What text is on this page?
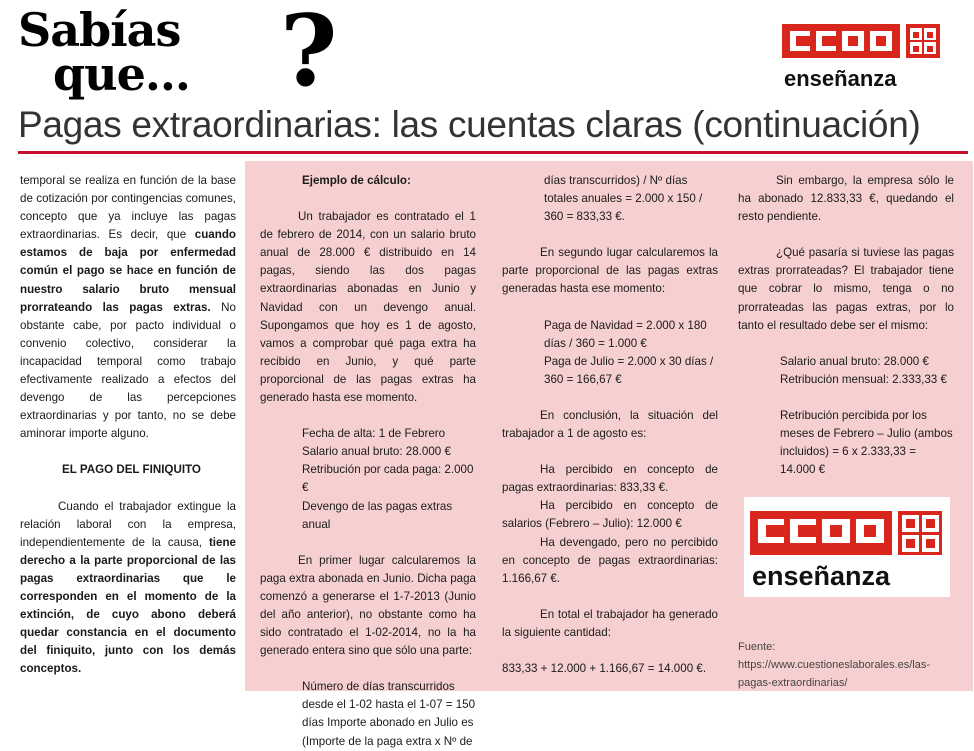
Sabías
que... ?	enseñanza
Pagas extraordinarias: las cuentas claras (continuación)

temporal se realiza en función de la base de cotización por contingencias comunes, concepto que ya incluye las pagas extraordinarias. Es decir, que cuando estamos de baja por enfermedad común el pago se hace en función de nuestro salario bruto mensual prorrateando las pagas extras. No obstante cabe, por pacto individual o convenio colectivo, considerar la incapacidad temporal como trabajo efectivamente realizado a efectos del devengo de las percepciones extraordinarias y por tanto, no se debe aminorar importe alguno.

EL PAGO DEL FINIQUITO

Cuando el trabajador extingue la relación laboral con la empresa, independientemente de la causa, tiene derecho a la parte proporcional de las pagas extraordinarias que le corresponden en el momento de la extinción, de cuyo abono deberá quedar constancia en el documento del finiquito, junto con los demás conceptos.

Ejemplo de cálculo:

Un trabajador es contratado el 1 de febrero de 2014, con un salario bruto anual de 28.000 € distribuido en 14 pagas, siendo las dos pagas extraordinarias abonadas en Junio y Navidad con un devengo anual. Supongamos que hoy es 1 de agosto, vamos a comprobar qué paga extra ha recibido en Junio, y qué parte proporcional de las pagas extras ha generado hasta ese momento.

Fecha de alta: 1 de Febrero

Salario anual bruto: 28.000 €

Retribución por cada paga: 2.000 €

Devengo de las pagas extras anual

En primer lugar calcularemos la paga extra abonada en Junio. Dicha paga comenzó a generarse el 1-7-2013 (Junio del año anterior), no obstante como ha sido contratado el 1-02-2014, no la ha generado entera sino que sólo una parte:

Número de días transcurridos desde el 1-02 hasta el 1-07 = 150 días Importe abonado en Julio es (Importe de la paga extra x Nº de

días transcurridos) / Nº días totales anuales = 2.000 x 150 / 360 = 833,33 €.

En segundo lugar calcularemos la parte proporcional de las pagas extras generadas hasta ese momento:

Paga de Navidad = 2.000 x 180 días / 360 = 1.000 €

Paga de Julio = 2.000 x 30 días / 360 = 166,67 €

En conclusión, la situación del trabajador a 1 de agosto es:

Ha percibido en concepto de pagas extraordinarias: 833,33 €.

Ha percibido en concepto de salarios (Febrero – Julio): 12.000 €

Ha devengado, pero no percibido en concepto de pagas extraordinarias: 1.166,67 €.

En total el trabajador ha generado la siguiente cantidad:

833,33 + 12.000 + 1.166,67 = 14.000 €.

Sin embargo, la empresa sólo le ha abonado 12.833,33 €, quedando el resto pendiente.

¿Qué pasaría si tuviese las pagas extras prorrateadas? El trabajador tiene que cobrar lo mismo, tenga o no prorrateadas las pagas extras, por lo tanto el resultado debe ser el mismo:

Salario anual bruto: 28.000 €

Retribución mensual: 2.333,33 €

Retribución percibida por los meses de Febrero – Julio (ambos incluidos) = 6 x 2.333,33 = 14.000 €

enseñanza
Fuente: https://www.cuestioneslaborales.es/las-pagas-extraordinarias/
